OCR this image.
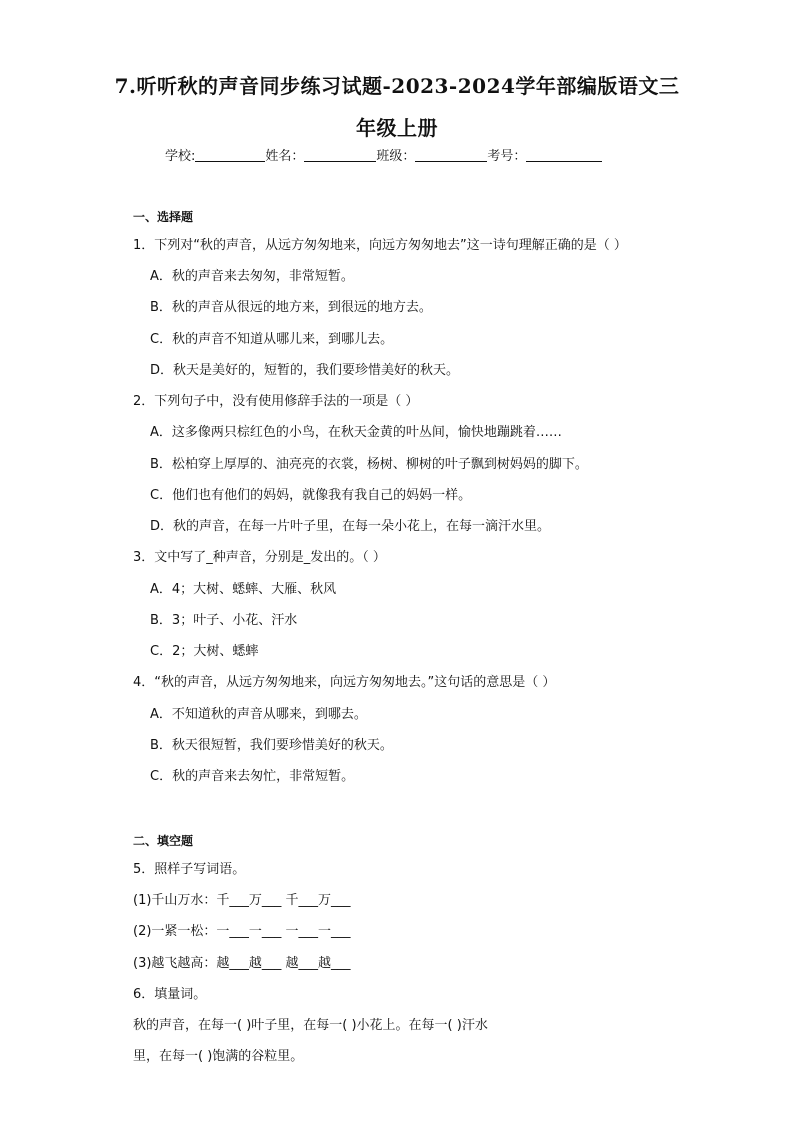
7.听听秋的声音同步练习试题-2023-2024学年部编版语文三
年级上册
学校:	姓名：	班级：	考号：
一、选择题
1．下列对“秋的声音，从远方匆匆地来，向远方匆匆地去”这一诗句理解正确的是（ ）
A．秋的声音来去匆匆，非常短暂。
B．秋的声音从很远的地方来，到很远的地方去。
C．秋的声音不知道从哪儿来，到哪儿去。
D．秋天是美好的，短暂的，我们要珍惜美好的秋天。
2．下列句子中，没有使用修辞手法的一项是（ ）
A．这多像两只棕红色的小鸟，在秋天金黄的叶丛间，愉快地蹦跳着……
B．松柏穿上厚厚的、油亮亮的衣裳，杨树、柳树的叶子飘到树妈妈的脚下。
C．他们也有他们的妈妈，就像我有我自己的妈妈一样。
D．秋的声音，在每一片叶子里，在每一朵小花上，在每一滴汗水里。
3．文中写了_种声音，分别是_发出的。（ ）
A．4；大树、蟋蟀、大雁、秋风
B．3；叶子、小花、汗水
C．2；大树、蟋蟀
4．“秋的声音，从远方匆匆地来，向远方匆匆地去。”这句话的意思是（ ）
A．不知道秋的声音从哪来，到哪去。
B．秋天很短暂，我们要珍惜美好的秋天。
C．秋的声音来去匆忙，非常短暂。
二、填空题
5．照样子写词语。
(1)千山万水：千___万___ 千___万___
(2)一紧一松：一___一___ 一___一___
(3)越飞越高：越___越___ 越___越___
6．填量词。
秋的声音，在每一( )叶子里，在每一( )小花上。在每一( )汗水
里，在每一( )饱满的谷粒里。
